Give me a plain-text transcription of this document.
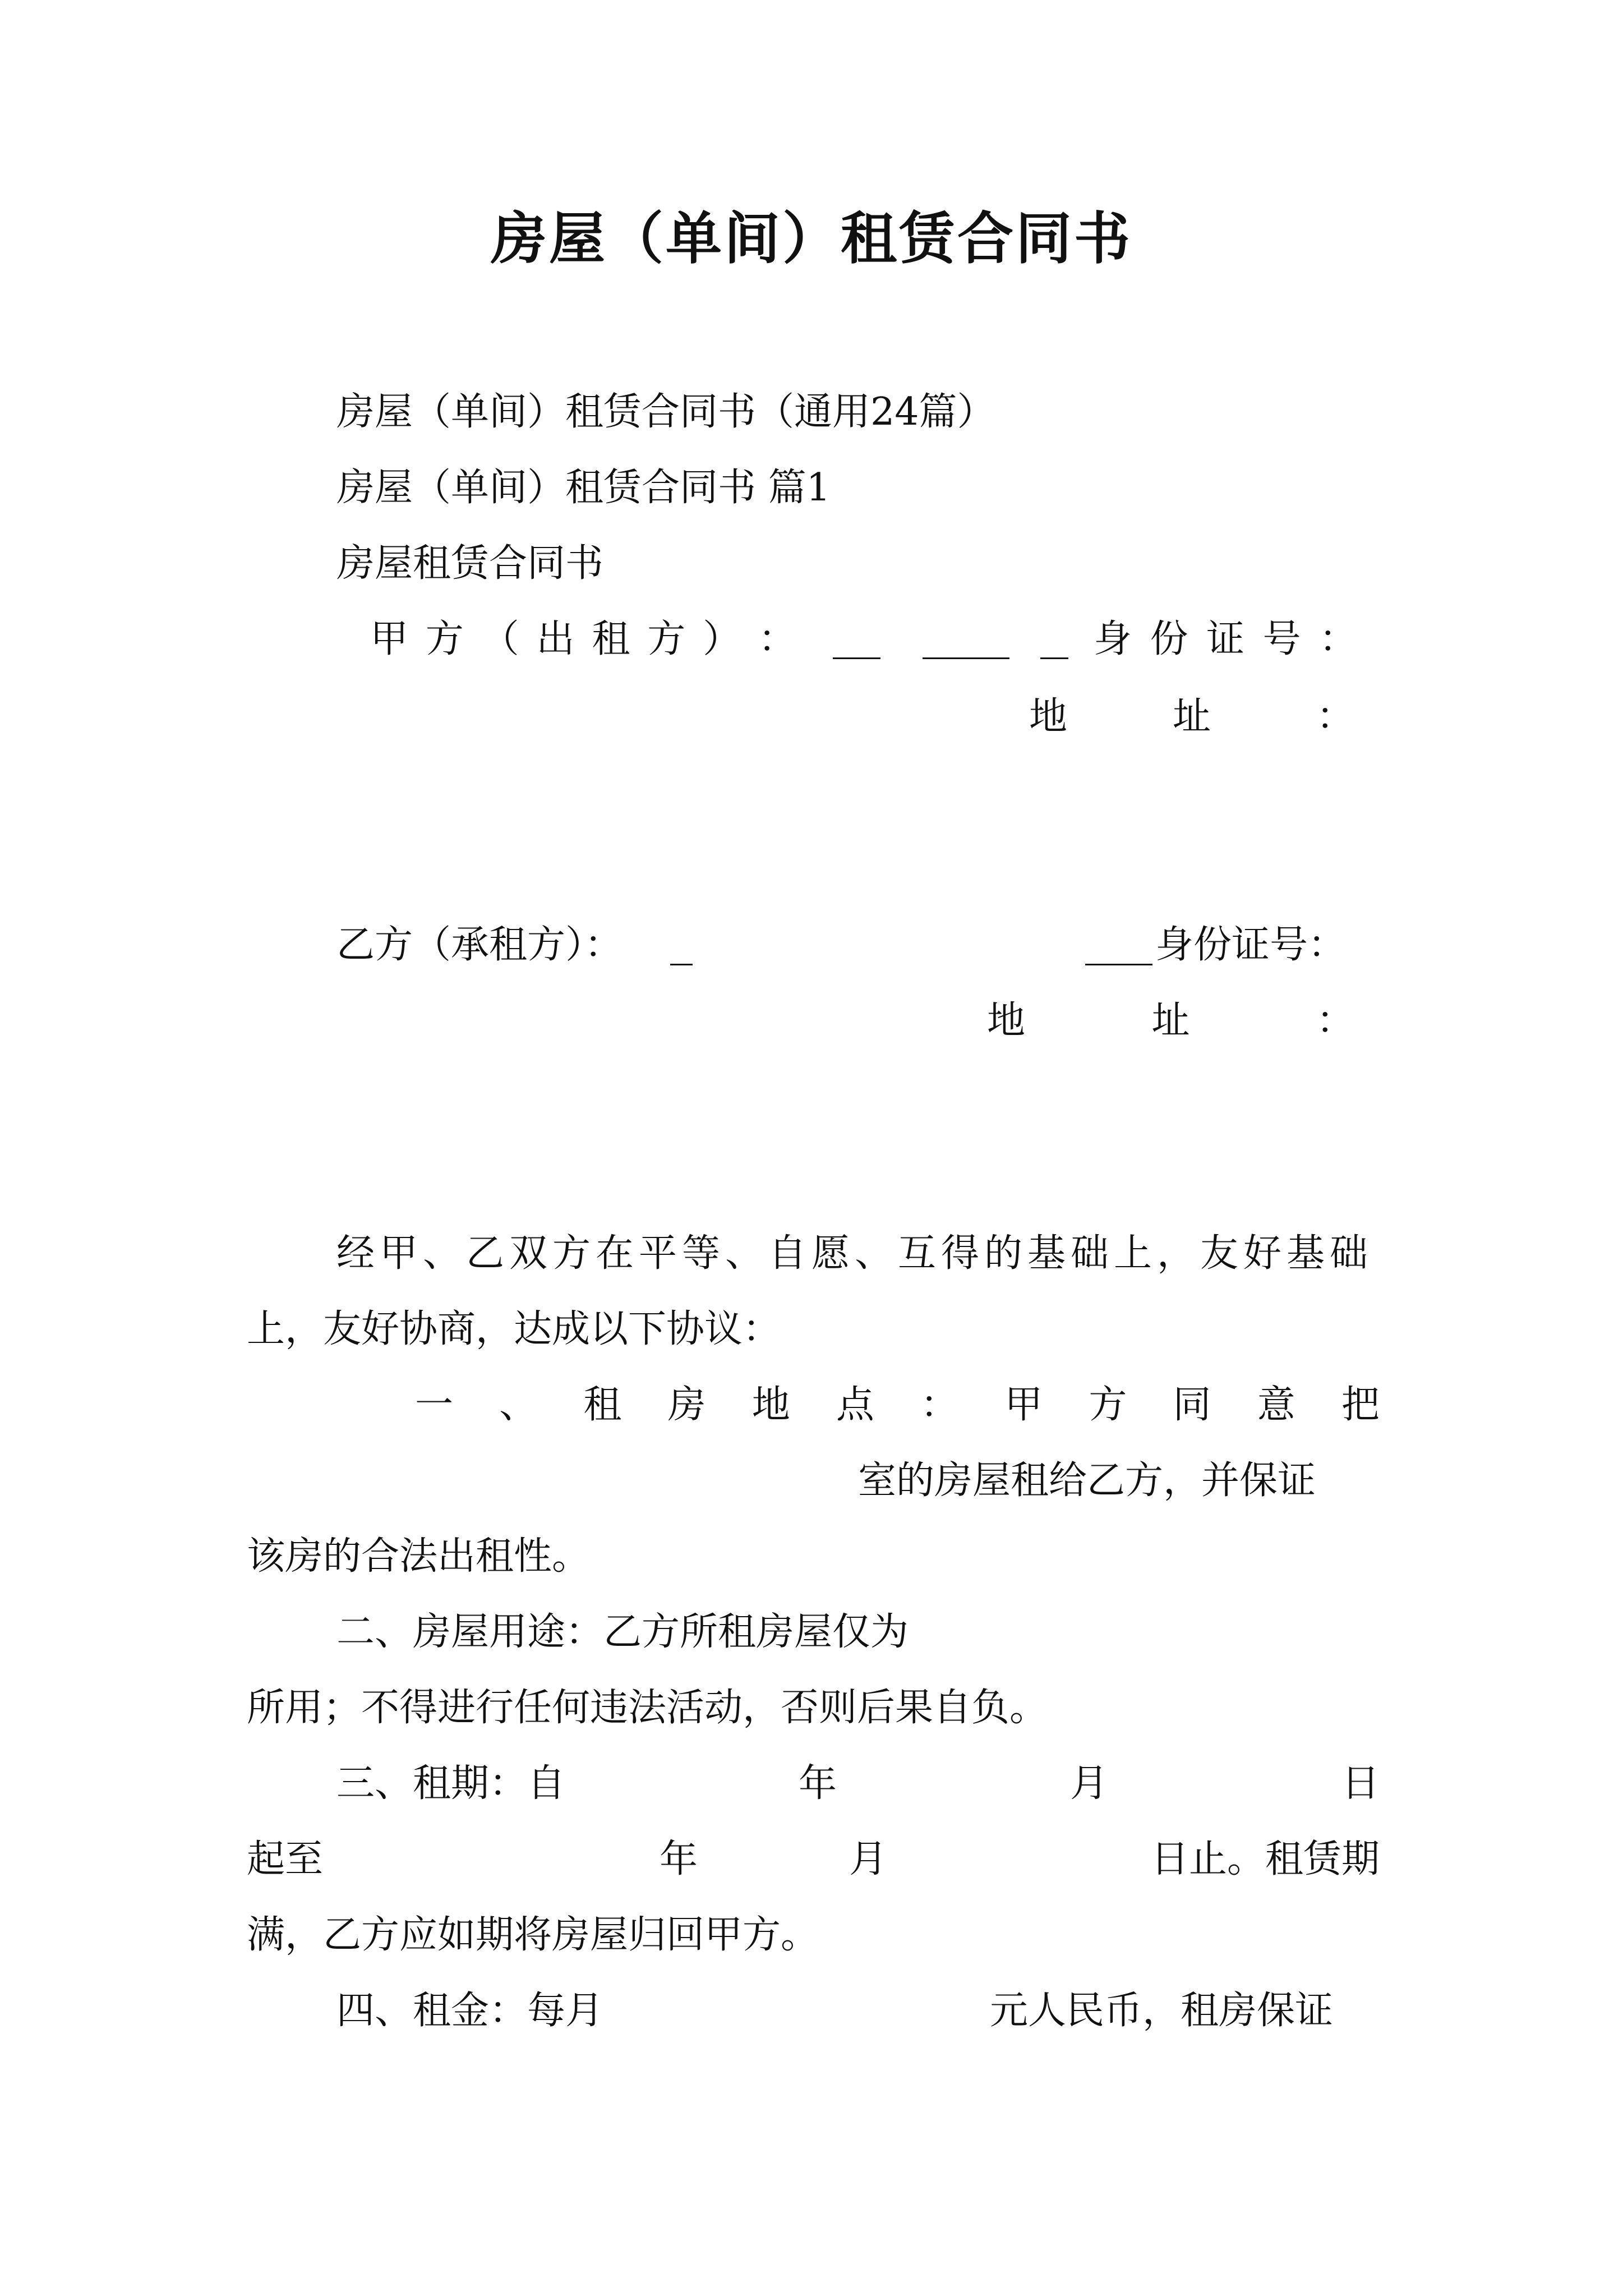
房屋（单间）租赁合同书
房屋（单间）租赁合同书（通用24篇）
房屋（单间）租赁合同书 篇1
房屋租赁合同书
甲 方 （ 出 租 方 ） ：	身 份 证 号 ：
地	址	：
乙方（承租方）：	身份证号：
地	址	：
经甲、乙双方在平等、自愿、互得的基础上，友好基础
上，友好协商，达成以下协议：
一 、 租 房 地 点 ： 甲 方 同 意 把
室的房屋租给乙方，并保证
该房的合法出租性。
二、房屋用途：乙方所租房屋仅为
所用；不得进行任何违法活动，否则后果自负。
三、租期：自	年	月	日
起至	年	月	日止。租赁期
满，乙方应如期将房屋归回甲方。
四、租金：每月	元人民币，租房保证
